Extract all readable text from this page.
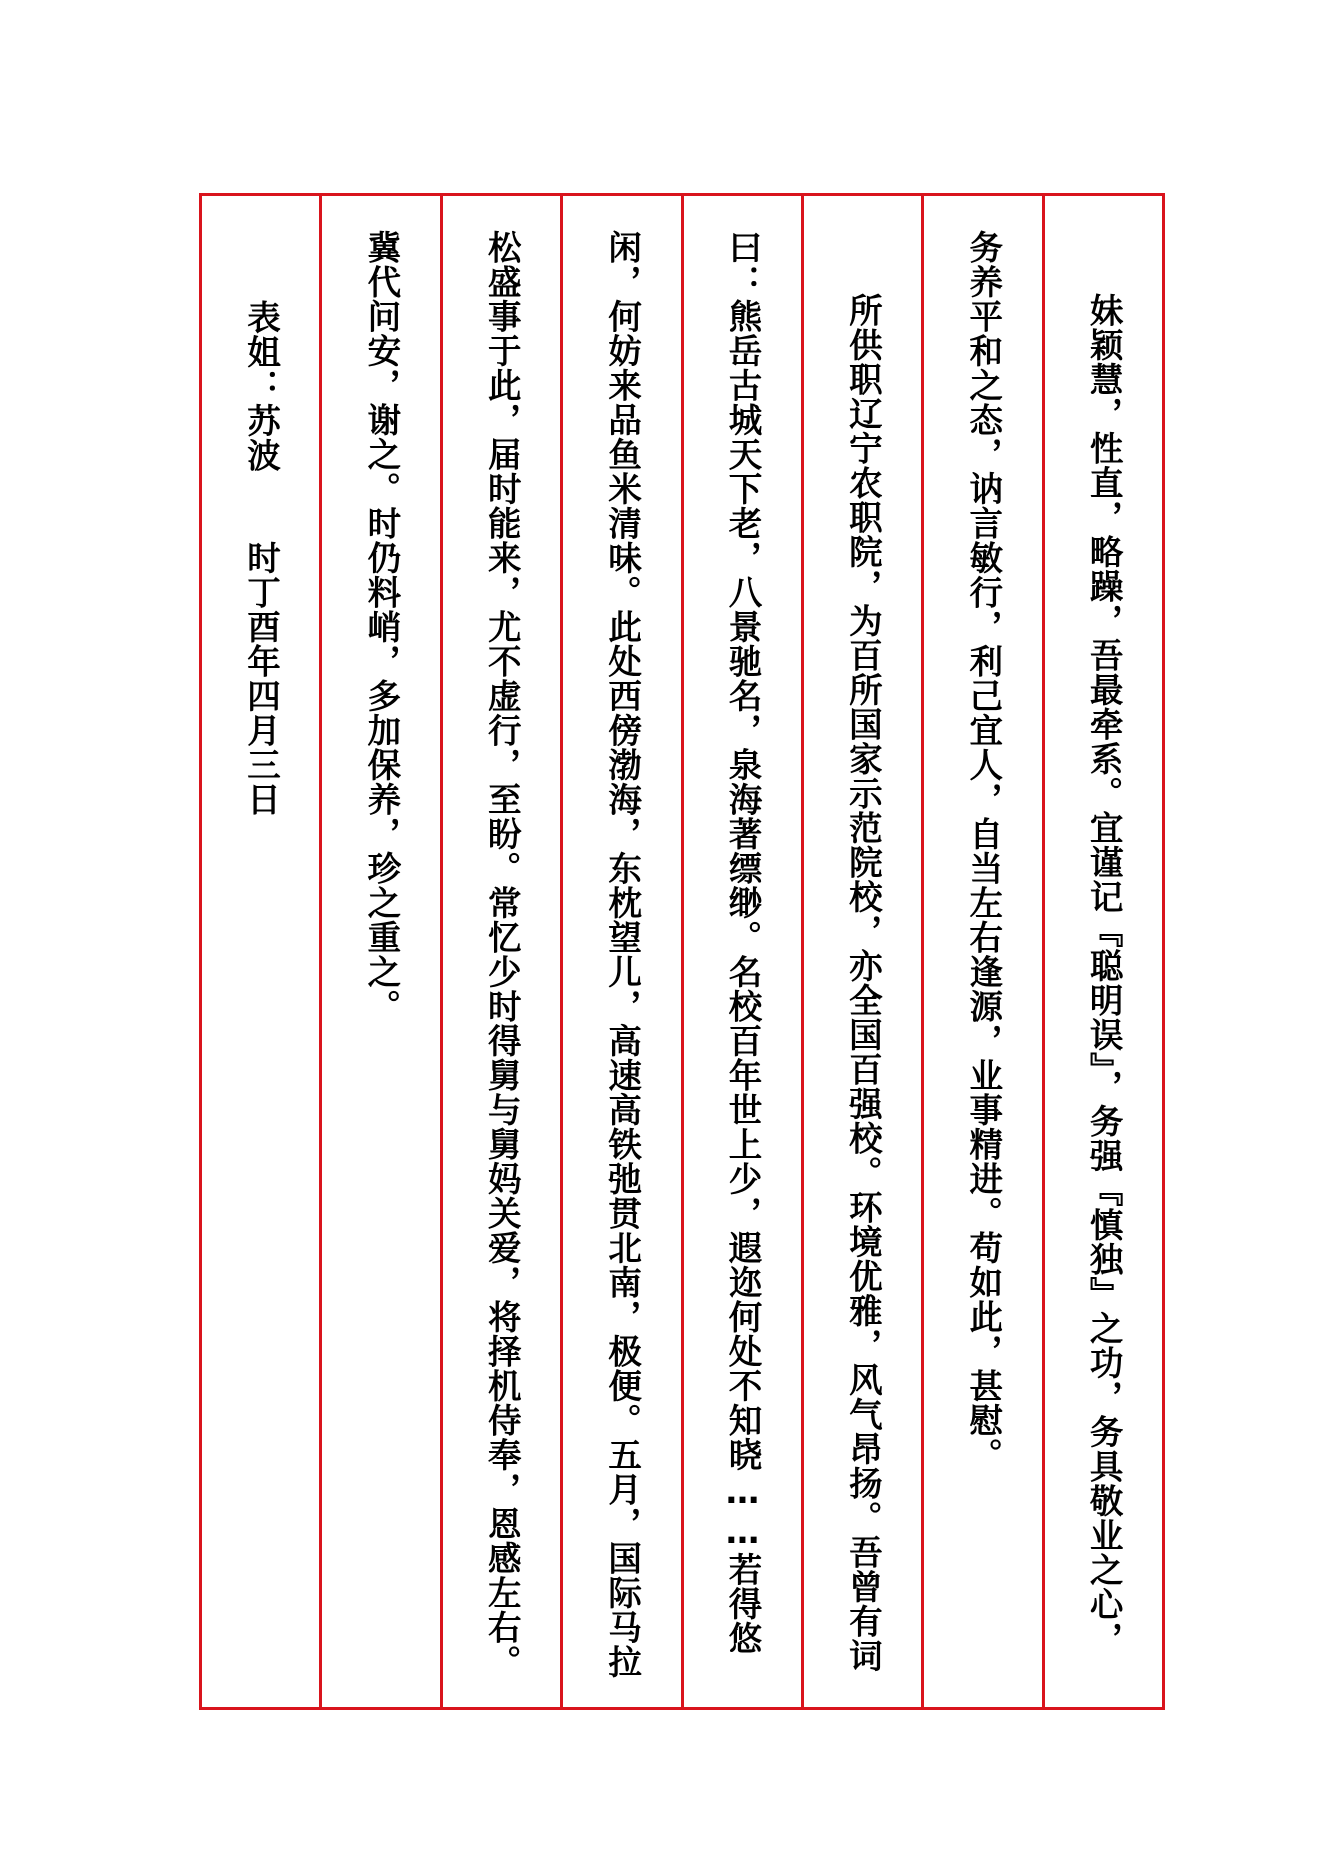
妹颖慧，性直，略躁，吾最牵系。宜谨记『聪明误』，务强『慎独』之功，务具敬业之心，
务养平和之态，讷言敏行，利己宜人，自当左右逢源，业事精进。苟如此，甚慰。
所供职辽宁农职院，为百所国家示范院校，亦全国百强校。环境优雅，风气昂扬。吾曾有词
曰：熊岳古城天下老，八景驰名，泉海著缥缈。名校百年世上少，遐迩何处不知晓……若得悠
闲，何妨来品鱼米清味。此处西傍渤海，东枕望儿，高速高铁弛贯北南，极便。五月，国际马拉
松盛事于此，届时能来，尤不虚行，至盼。常忆少时得舅与舅妈关爱，将择机侍奉，恩感左右。
冀代问安，谢之。时仍料峭，多加保养，珍之重之。
表姐：苏波时丁酉年四月三日
